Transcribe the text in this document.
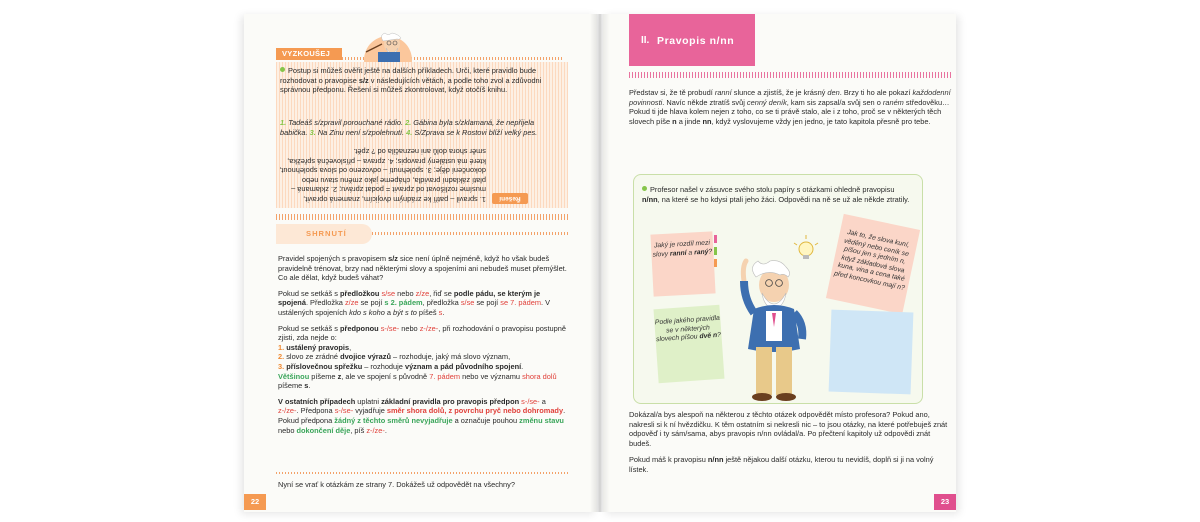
VYZKOUŠEJ

Postup si můžeš ověřit ještě na dalších příkladech. Urči, které pravidlo bude rozhodovat o pravopise s/z v následujících větách, a podle toho zvol a zdůvodni správnou předponu. Řešení si můžeš zkontrolovat, když otočíš knihu.

1. Tadeáš s/zpravil porouchané rádio. 2. Gábina byla s/zklamaná, že nepřijela babička. 3. Na Zinu není s/zpolehnutí. 4. S/Zprava se k Rostovi blíží velký pes.

Řešení

1. spravil – patří ke zrádným dvojicím, znamená opravit, musíme rozlišovat od zpravit = podat zprávu; 2. zklamaná – platí základní pravidla, chápeme jako změnu stavu nebo dokončení děje; 3. spolehnutí – odvozeno od slova spolehnout, které má ustálený pravopis; 4. zprava – příslovečná spřežka, směr shora dolů ani neznačila od ? zpět.

SHRNUTÍ

Pravidel spojených s pravopisem s/z sice není úplně nejméně, když ho však budeš pravidelně trénovat, brzy nad některými slovy a spojeními ani nebudeš muset přemýšlet. Co ale dělat, když budeš váhat?

Pokud se setkáš s předložkou s/se nebo z/ze, řiď se podle pádu, se kterým je spojená. Předložka z/ze se pojí s 2. pádem, předložka s/se se pojí se 7. pádem. V ustálených spojeních kdo s koho a být s to píšeš s.

Pokud se setkáš s předponou s-/se- nebo z-/ze-, při rozhodování o pravopisu postupně zjisti, zda nejde o:
1. ustálený pravopis,
2. slovo ze zrádné dvojice výrazů – rozhoduje, jaký má slovo význam,
3. příslovečnou spřežku – rozhoduje význam a pád původního spojení.
Většinou píšeme z, ale ve spojení s původně 7. pádem nebo ve významu shora dolů píšeme s.

V ostatních případech uplatni základní pravidla pro pravopis předpon s-/se- a z-/ze-. Předpona s-/se- vyjadřuje směr shora dolů, z povrchu pryč nebo dohromady. Pokud předpona žádný z těchto směrů nevyjadřuje a označuje pouhou změnu stavu nebo dokončení děje, píš z-/ze-.

Nyní se vrať k otázkám ze strany 7. Dokážeš už odpovědět na všechny?

22
II. Pravopis n/nn

Představ si, že tě probudí ranní slunce a zjistíš, že je krásný den. Brzy ti ho ale pokazí každodenní povinnosti. Navíc někde ztratíš svůj cenný deník, kam sis zapsal/a svůj sen o raném středověku… Pokud ti jde hlava kolem nejen z toho, co se ti právě stalo, ale i z toho, proč se v některých těch slovech píše n a jinde nn, když vyslovujeme vždy jen jedno, je tato kapitola přesně pro tebe.

Profesor našel v zásuvce svého stolu papíry s otázkami ohledně pravopisu n/nn, na které se ho kdysi ptali jeho žáci. Odpovědi na ně se už ale někde ztratily.

Jaký je rozdíl mezi slovy ranní a raný?
Jak to, že slova kuní, věděný nebo ceník se píšou jen s jedním n, když základová slova kuna, vina a cena také před koncovkou mají n?
Podle jakého pravidla se v některých slovech píšou dvě n?

Dokázal/a bys alespoň na některou z těchto otázek odpovědět místo profesora? Pokud ano, nakresli si k ní hvězdičku. K těm ostatním si nekresli nic – to jsou otázky, na které potřebuješ znát odpověď i ty sám/sama, abys pravopis n/nn ovládal/a. Po přečtení kapitoly už odpovědi znát budeš.

Pokud máš k pravopisu n/nn ještě nějakou další otázku, kterou tu nevidíš, doplň si ji na volný lístek.

23
